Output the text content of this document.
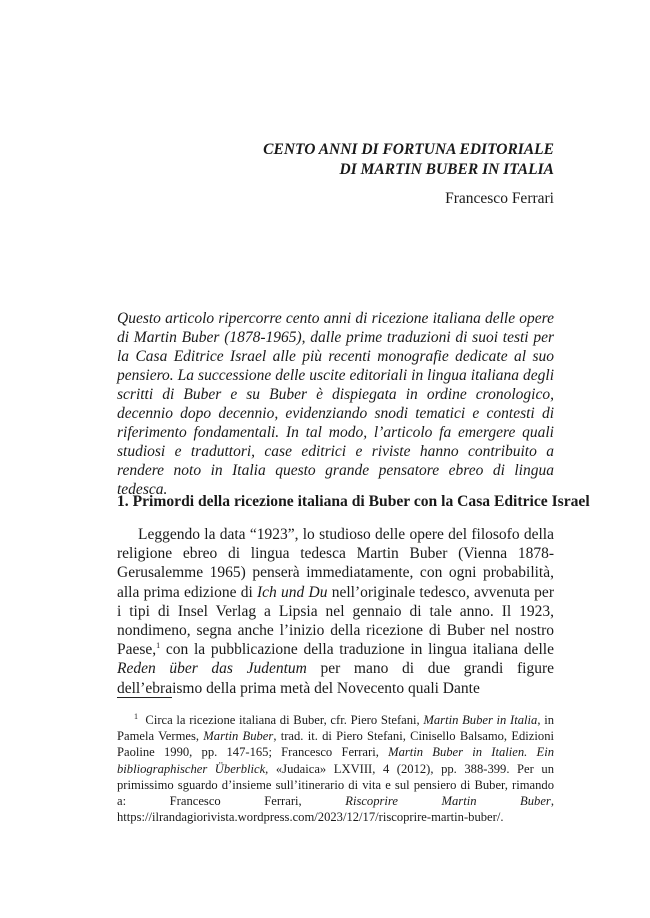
CENTO ANNI DI FORTUNA EDITORIALE
DI MARTIN BUBER IN ITALIA
Francesco Ferrari

Questo articolo ripercorre cento anni di ricezione italiana delle opere di Martin Buber (1878-1965), dalle prime traduzioni di suoi testi per la Casa Editrice Israel alle più recenti monografie dedicate al suo pensiero. La successione delle uscite editoriali in lingua italiana degli scritti di Buber e su Buber è dispiegata in ordine cronologico, decennio dopo decennio, evidenziando snodi tematici e contesti di riferimento fondamentali. In tal modo, l’articolo fa emergere quali studiosi e traduttori, case editrici e riviste hanno contribuito a rendere noto in Italia questo grande pensatore ebreo di lingua tedesca.

1. Primordi della ricezione italiana di Buber con la Casa Editrice Israel

Leggendo la data “1923”, lo studioso delle opere del filosofo della religione ebreo di lingua tedesca Martin Buber (Vienna 1878-Gerusalemme 1965) penserà immediatamente, con ogni probabilità, alla prima edizione di Ich und Du nell’originale tedesco, avvenuta per i tipi di Insel Verlag a Lipsia nel gennaio di tale anno. Il 1923, nondimeno, segna anche l’inizio della ricezione di Buber nel nostro Paese,$^1$ con la pubblicazione della traduzione in lingua italiana delle Reden über das Judentum per mano di due grandi figure dell’ebraismo della prima metà del Novecento quali Dante

$^1$ Circa la ricezione italiana di Buber, cfr. Piero Stefani, Martin Buber in Italia, in Pamela Vermes, Martin Buber, trad. it. di Piero Stefani, Cinisello Balsamo, Edizioni Paoline 1990, pp. 147-165; Francesco Ferrari, Martin Buber in Italien. Ein bibliographischer Überblick, «Judaica» LXVIII, 4 (2012), pp. 388-399. Per un primissimo sguardo d’insieme sull’itinerario di vita e sul pensiero di Buber, rimando a: Francesco Ferrari, Riscoprire Martin Buber, https://ilrandagiorivista.wordpress.com/2023/12/17/riscoprire-martin-buber/.
